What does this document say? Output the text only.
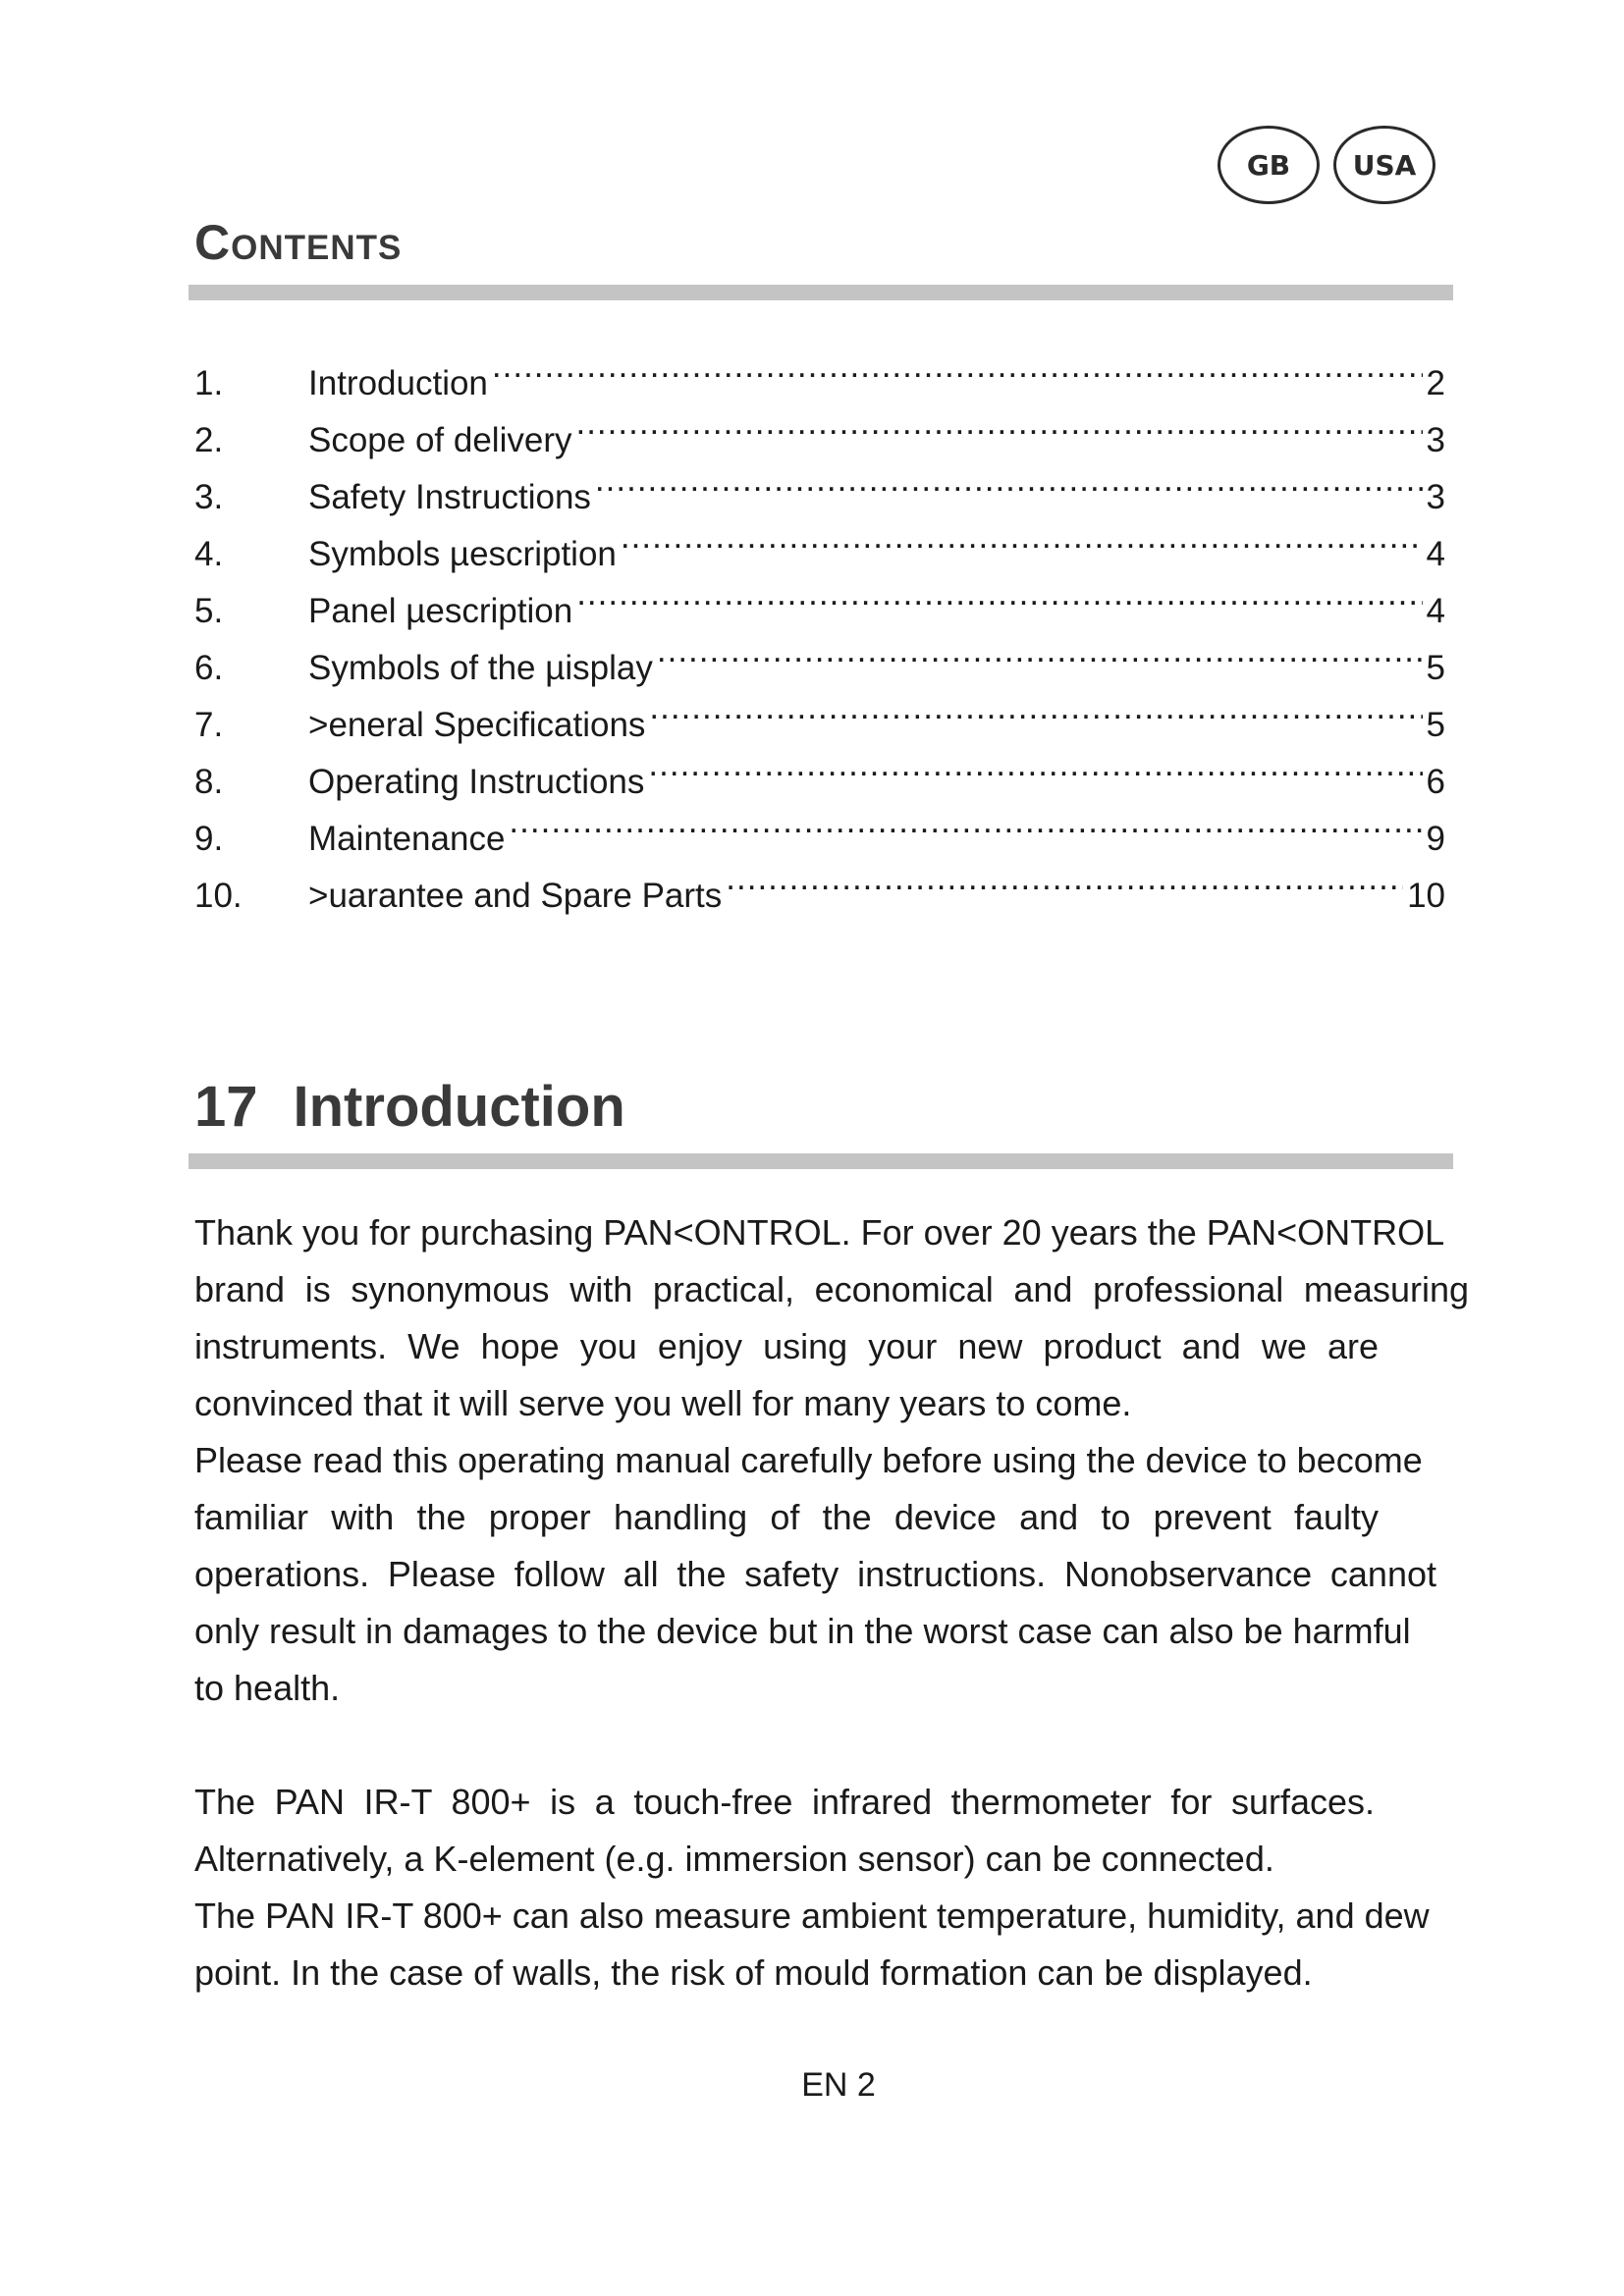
GB	USA
Contents
1.	Introduction .....	2
2.	Scope of delivery .....	3
3.	Safety Instructions .....	3
4.	Symbols µescription .....	4
5.	Panel µescription .....	4
6.	Symbols of the µisplay .....	5
7.	>eneral Specifications .....	5
8.	Operating Instructions .....	6
9.	Maintenance .....	9
10.	>uarantee and Spare Parts .....	10
17 Introduction
Thank you for purchasing PAN<ONTROL. For over 20 years the PAN<ONTROL
brand is synonymous with practical, economical and professional measuring
instruments. We hope you enjoy using your new product and we are
convinced that it will serve you well for many years to come.
Please read this operating manual carefully before using the device to become
familiar with the proper handling of the device and to prevent faulty
operations. Please follow all the safety instructions. Nonobservance cannot
only result in damages to the device but in the worst case can also be harmful
to health.
The PAN IR-T 800+ is a touch-free infrared thermometer for surfaces.
Alternatively, a K-element (e.g. immersion sensor) can be connected.
The PAN IR-T 800+ can also measure ambient temperature, humidity, and dew
point. In the case of walls, the risk of mould formation can be displayed.
EN 2
